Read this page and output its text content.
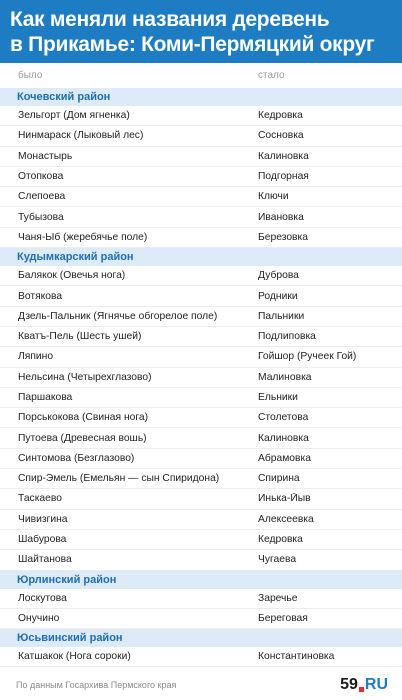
Как меняли названия деревень
в Прикамье: Коми-Пермяцкий округ
было	стало
Кочевский район
Зельгорт (Дом ягненка)	Кедровка
Нинмараск (Лыковый лес)	Сосновка
Монастырь	Калиновка
Отопкова	Подгорная
Слепоева	Ключи
Тубызова	Ивановка
Чаня-Ыб (жеребячье поле)	Березовка
Кудымкарский район
Балякок (Овечья нога)	Дуброва
Вотякова	Родники
Дзель-Пальник (Ягнячье обгорелое поле)	Пальники
Кватъ-Пель (Шесть ушей)	Подлиповка
Ляпино	Гойшор (Ручеек Гой)
Нельсина (Четырехглазово)	Малиновка
Паршакова	Ельники
Порськокова (Свиная нога)	Столетова
Путоева (Древесная вошь)	Калиновка
Синтомова (Безглазово)	Абрамовка
Спир-Эмель (Емельян — сын Спиридона)	Спирина
Таскаево	Инька-Йыв
Чивизгина	Алексеевка
Шабурова	Кедровка
Шайтанова	Чугаева
Юрлинский район
Лоскутова	Заречье
Онучино	Береговая
Юсьвинский район
Катшакок (Нога сороки)	Константиновка
По данным Госархива Пермского края	59 RU
